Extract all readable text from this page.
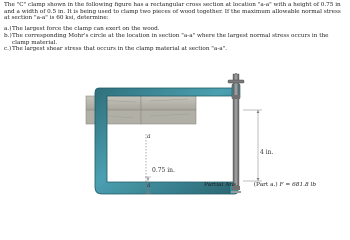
The "C" clamp shown in the following figure has a rectangular cross section at location "a-a" with a height of 0.75 in and a width of 0.5 in. It is being used to clamp two pieces of wood together. If the maximum allowable normal stress at section "a-a" is 60 ksi, determine:

a.) The largest force the clamp can exert on the wood.
b.) The corresponding Mohr's circle at the location in section "a-a" where the largest normal stress occurs in the clamp material.
c.) The largest shear stress that occurs in the clamp material at section "a-a".
a
a
4 in.
0.75 in.
Partial Ans.	(Part a.) F = 681.8 lb
